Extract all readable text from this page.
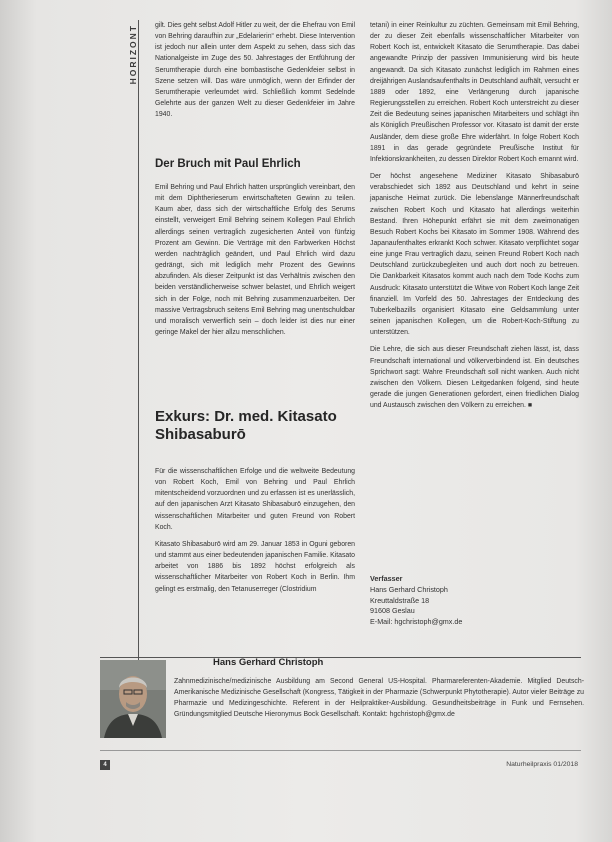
HORIZONT gilt. Dies geht selbst Adolf Hitler zu weit, der die Ehefrau von Emil von Behring daraufhin zur „Edelarierin“ erhebt. Diese Intervention ist jedoch nur allein unter dem Aspekt zu sehen, dass sich das Nationalgeiste im Zuge des 50. Jahrestages der Entführung der Serumtherapie durch eine bombastische Gedenkfeier selbst in Szene setzen will. Das wäre unmöglich, wenn der Erfinder der Serumtherapie verleumdet wird. Schließlich kommt Sedelnde Gelehrte aus der ganzen Welt zu dieser Gedenkfeier im Jahre 1940.

Der Bruch mit Paul Ehrlich

Emil Behring und Paul Ehrlich hatten ursprünglich vereinbart, den mit dem Diphtherieserum erwirtschafteten Gewinn zu teilen. Kaum aber, dass sich der wirtschaftliche Erfolg des Serums einstellt, verweigert Emil Behring seinem Kollegen Paul Ehrlich allerdings seinen vertraglich zugesicherten Anteil von fünfzig Prozent am Gewinn. Die Verträge mit den Farbwerken Höchst werden nachträglich geändert, und Paul Ehrlich wird dazu gedrängt, sich mit lediglich mehr Prozent des Gewinns abzufinden. Als dieser Zeitpunkt ist das Verhältnis zwischen den beiden verständlicherweise schwer belastet, und Ehrlich weigert sich in der Folge, noch mit Behring zusammenzuarbeiten. Der massive Vertragsbruch seitens Emil Behring mag unentschuldbar und moralisch verwerflich sein – doch leider ist dies nur einer geringe Makel der hier allzu menschlichen.

Exkurs: Dr. med. Kitasato Shibasaburō

Für die wissenschaftlichen Erfolge und die weltweite Bedeutung von Robert Koch, Emil von Behring und Paul Ehrlich mitentscheidend vorzuordnen und zu erfassen ist es unerlässlich, auf den japanischen Arzt Kitasato Shibasaburō einzugehen, den wissenschaftlichen Mitarbeiter und guten Freund von Robert Koch.

Kitasato Shibasaburō wird am 29. Januar 1853 in Oguni geboren und stammt aus einer bedeutenden japanischen Familie. Kitasato arbeitet von 1886 bis 1892 höchst erfolgreich als wissenschaftlicher Mitarbeiter von Robert Koch in Berlin. Ihm gelingt es erstmalig, den Tetanuserreger (Clostridium

tetani) in einer Reinkultur zu züchten. Gemeinsam mit Emil Behring, der zu dieser Zeit ebenfalls wissenschaftlicher Mitarbeiter von Robert Koch ist, entwickelt Kitasato die Serumtherapie. Das dabei angewandte Prinzip der passiven Immunisierung wird bis heute angewandt. Da sich Kitasato zunächst lediglich im Rahmen eines dreijährigen Auslandsaufenthalts in Deutschland aufhält, versucht er 1889 oder 1892, eine Verlängerung durch japanische Regierungsstellen zu erreichen. Robert Koch unterstreicht zu dieser Zeit die Bedeutung seines japanischen Mitarbeiters und schlägt ihn als Königlich Preußischen Professor vor. Kitasato ist damit der erste Ausländer, dem diese große Ehre widerfährt. In folge Robert Koch 1891 in das gerade gegründete Preußische Institut für Infektionskrankheiten, zu dessen Direktor Robert Koch ernannt wird.

Der höchst angesehene Mediziner Kitasato Shibasaburō verabschiedet sich 1892 aus Deutschland und kehrt in seine japanische Heimat zurück. Die lebenslange Männerfreundschaft zwischen Robert Koch und Kitasato hat allerdings weiterhin Bestand. Ihren Höhepunkt erfährt sie mit dem zweimonatigen Besuch Robert Kochs bei Kitasato im Sommer 1908. Während des Japanaufenthaltes erkrankt Koch schwer. Kitasato verpflichtet sogar eine junge Frau vertraglich dazu, seinen Freund Robert Koch nach Deutschland zurückzubegleiten und auch dort noch zu betreuen. Die Dankbarkeit Kitasatos kommt auch nach dem Tode Kochs zum Ausdruck: Kitasato unterstützt die Witwe von Robert Koch lange Zeit finanziell. Im Vorfeld des 50. Jahrestages der Entdeckung des Tuberkelbazills organisiert Kitasato eine Geldsammlung unter seinen japanischen Kollegen, um die Robert-Koch-Stiftung zu unterstützen.

Die Lehre, die sich aus dieser Freundschaft ziehen lässt, ist, dass Freundschaft international und völkerverbindend ist. Ein deutsches Sprichwort sagt: Wahre Freundschaft soll nicht wanken. Auch nicht zwischen den Völkern. Diesen Leitgedanken folgend, sind heute gerade die jungen Generationen gefordert, einen friedlichen Dialog und Austausch zwischen den Völkern zu erreichen. ■

Verfasser
Hans Gerhard Christoph
Kreuttaldstraße 18
91608 Geslau
E-Mail: hgchristoph@gmx.de
Hans Gerhard Christoph
Zahnmedizinische/medizinische Ausbildung am Second General US-Hospital. Pharmareferenten-Akademie. Mitglied Deutsch-Amerikanische Medizinische Gesellschaft (Kongress, Tätigkeit in der Pharmazie (Schwerpunkt Phytotherapie). Autor vieler Beiträge zu Pharmazie und Medizingeschichte. Referent in der Heilpraktiker-Ausbildung. Gesundheitsbeiträge in Funk und Fernsehen. Gründungsmitglied Deutsche Hieronymus Bock Gesellschaft. Kontakt: hgchristoph@gmx.de
4	Naturheilpraxis 01/2018
